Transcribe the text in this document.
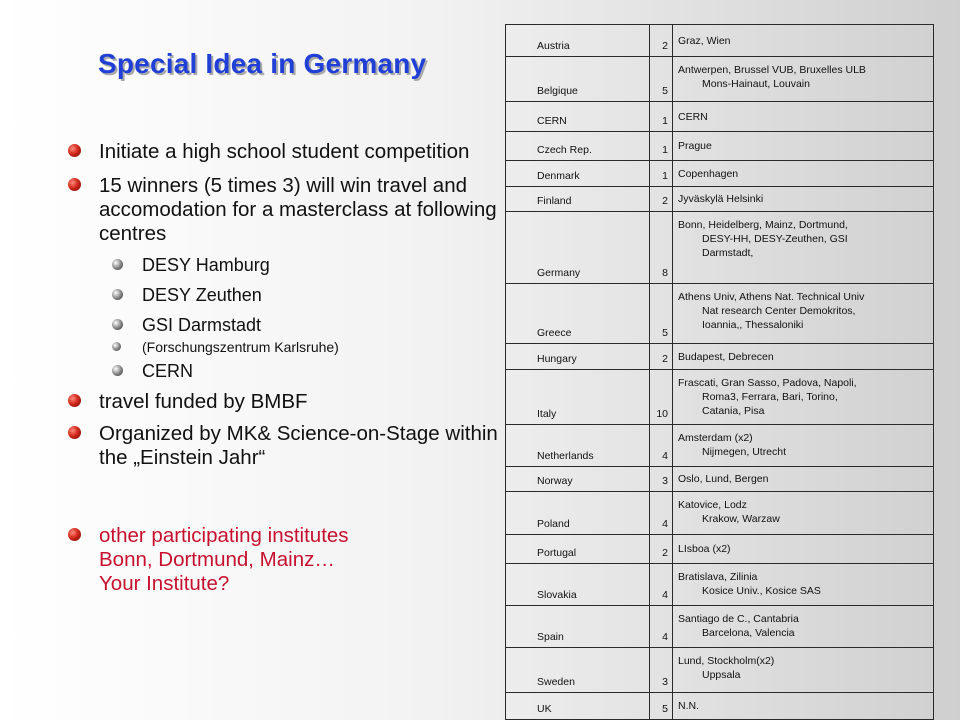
Special Idea in Germany
Initiate a high school student competition
15 winners (5 times 3) will win travel and accomodation for a masterclass at following centres
DESY Hamburg
DESY Zeuthen
GSI Darmstadt
(Forschungszentrum Karlsruhe)
CERN
travel funded by BMBF
Organized by MK& Science-on-Stage within the „Einstein Jahr“
other participating institutes
Bonn, Dortmund, Mainz…
Your Institute?
Austria	2	Graz, Wien

Belgique	5	Antwerpen, Brussel VUB, Bruxelles ULB
Mons-Hainaut, Louvain

CERN	1	CERN

Czech Rep.	1	Prague

Denmark	1	Copenhagen

Finland	2	Jyväskylä Helsinki

Germany	8	Bonn, Heidelberg, Mainz, Dortmund,
DESY-HH, DESY-Zeuthen, GSI
Darmstadt,

Greece	5	Athens Univ, Athens Nat. Technical Univ
Nat research Center Demokritos,
Ioannia,, Thessaloniki

Hungary	2	Budapest, Debrecen

Italy	10	Frascati, Gran Sasso, Padova, Napoli,
Roma3, Ferrara, Bari, Torino,
Catania, Pisa

Netherlands	4	Amsterdam (x2)
Nijmegen, Utrecht

Norway	3	Oslo, Lund, Bergen

Poland	4	Katovice, Lodz
Krakow, Warzaw

Portugal	2	LIsboa (x2)

Slovakia	4	Bratislava, Zilinia
Kosice Univ., Kosice SAS

Spain	4	Santiago de C., Cantabria
Barcelona, Valencia

Sweden	3	Lund, Stockholm(x2)
Uppsala

UK	5	N.N.
